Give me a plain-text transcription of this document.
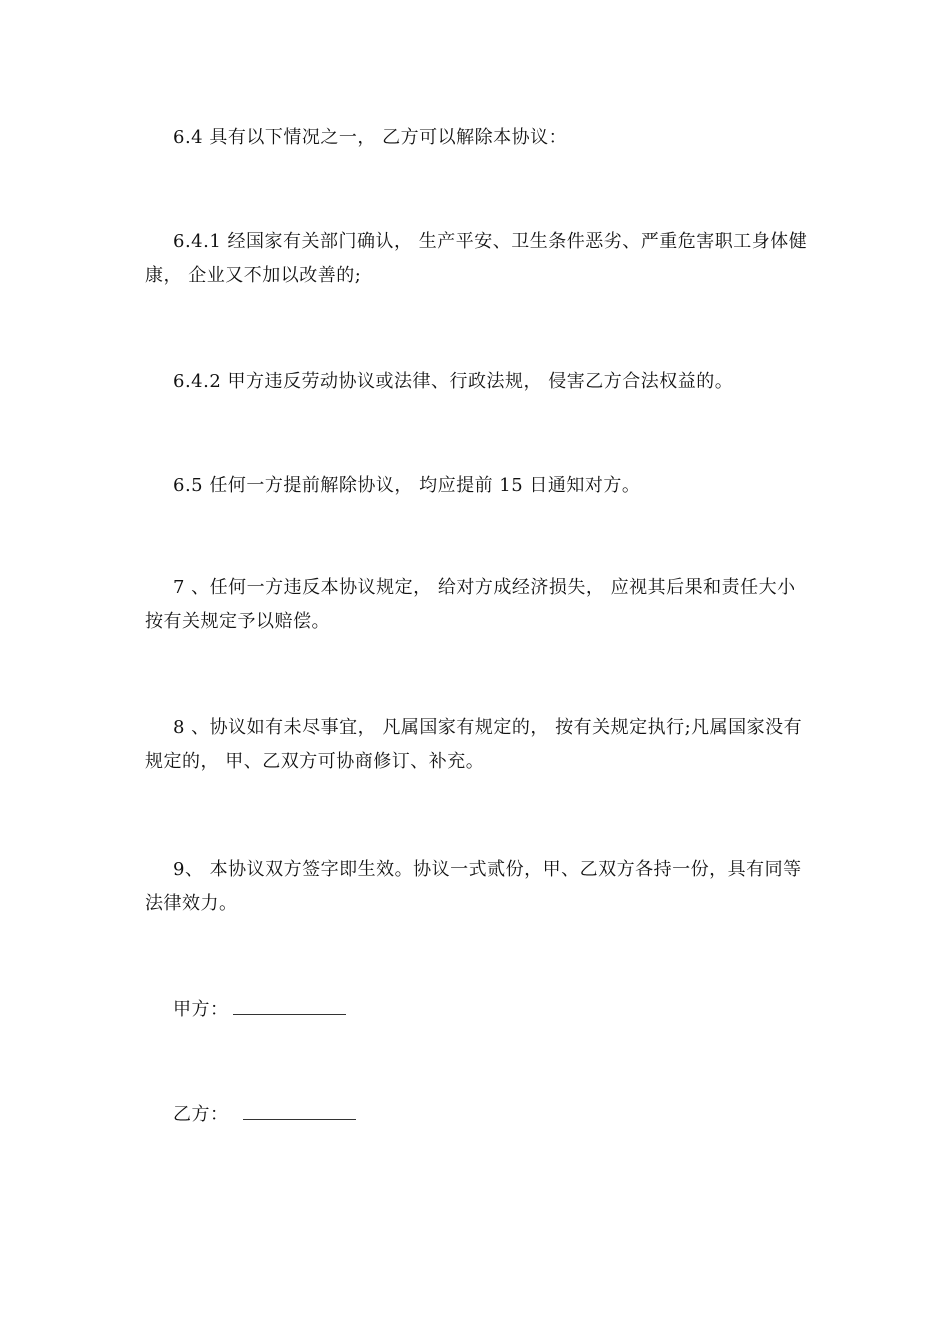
6.4 具有以下情况之一， 乙方可以解除本协议：

6.4.1 经国家有关部门确认， 生产平安、卫生条件恶劣、严重危害职工身体健康， 企业又不加以改善的;

6.4.2 甲方违反劳动协议或法律、行政法规， 侵害乙方合法权益的。

6.5 任何一方提前解除协议， 均应提前 15 日通知对方。

7 、任何一方违反本协议规定， 给对方成经济损失， 应视其后果和责任大小按有关规定予以赔偿。

8 、协议如有未尽事宜， 凡属国家有规定的， 按有关规定执行;凡属国家没有规定的， 甲、乙双方可协商修订、补充。

9、 本协议双方签字即生效。协议一式贰份，甲、乙双方各持一份，具有同等法律效力。

甲方：
乙方：
